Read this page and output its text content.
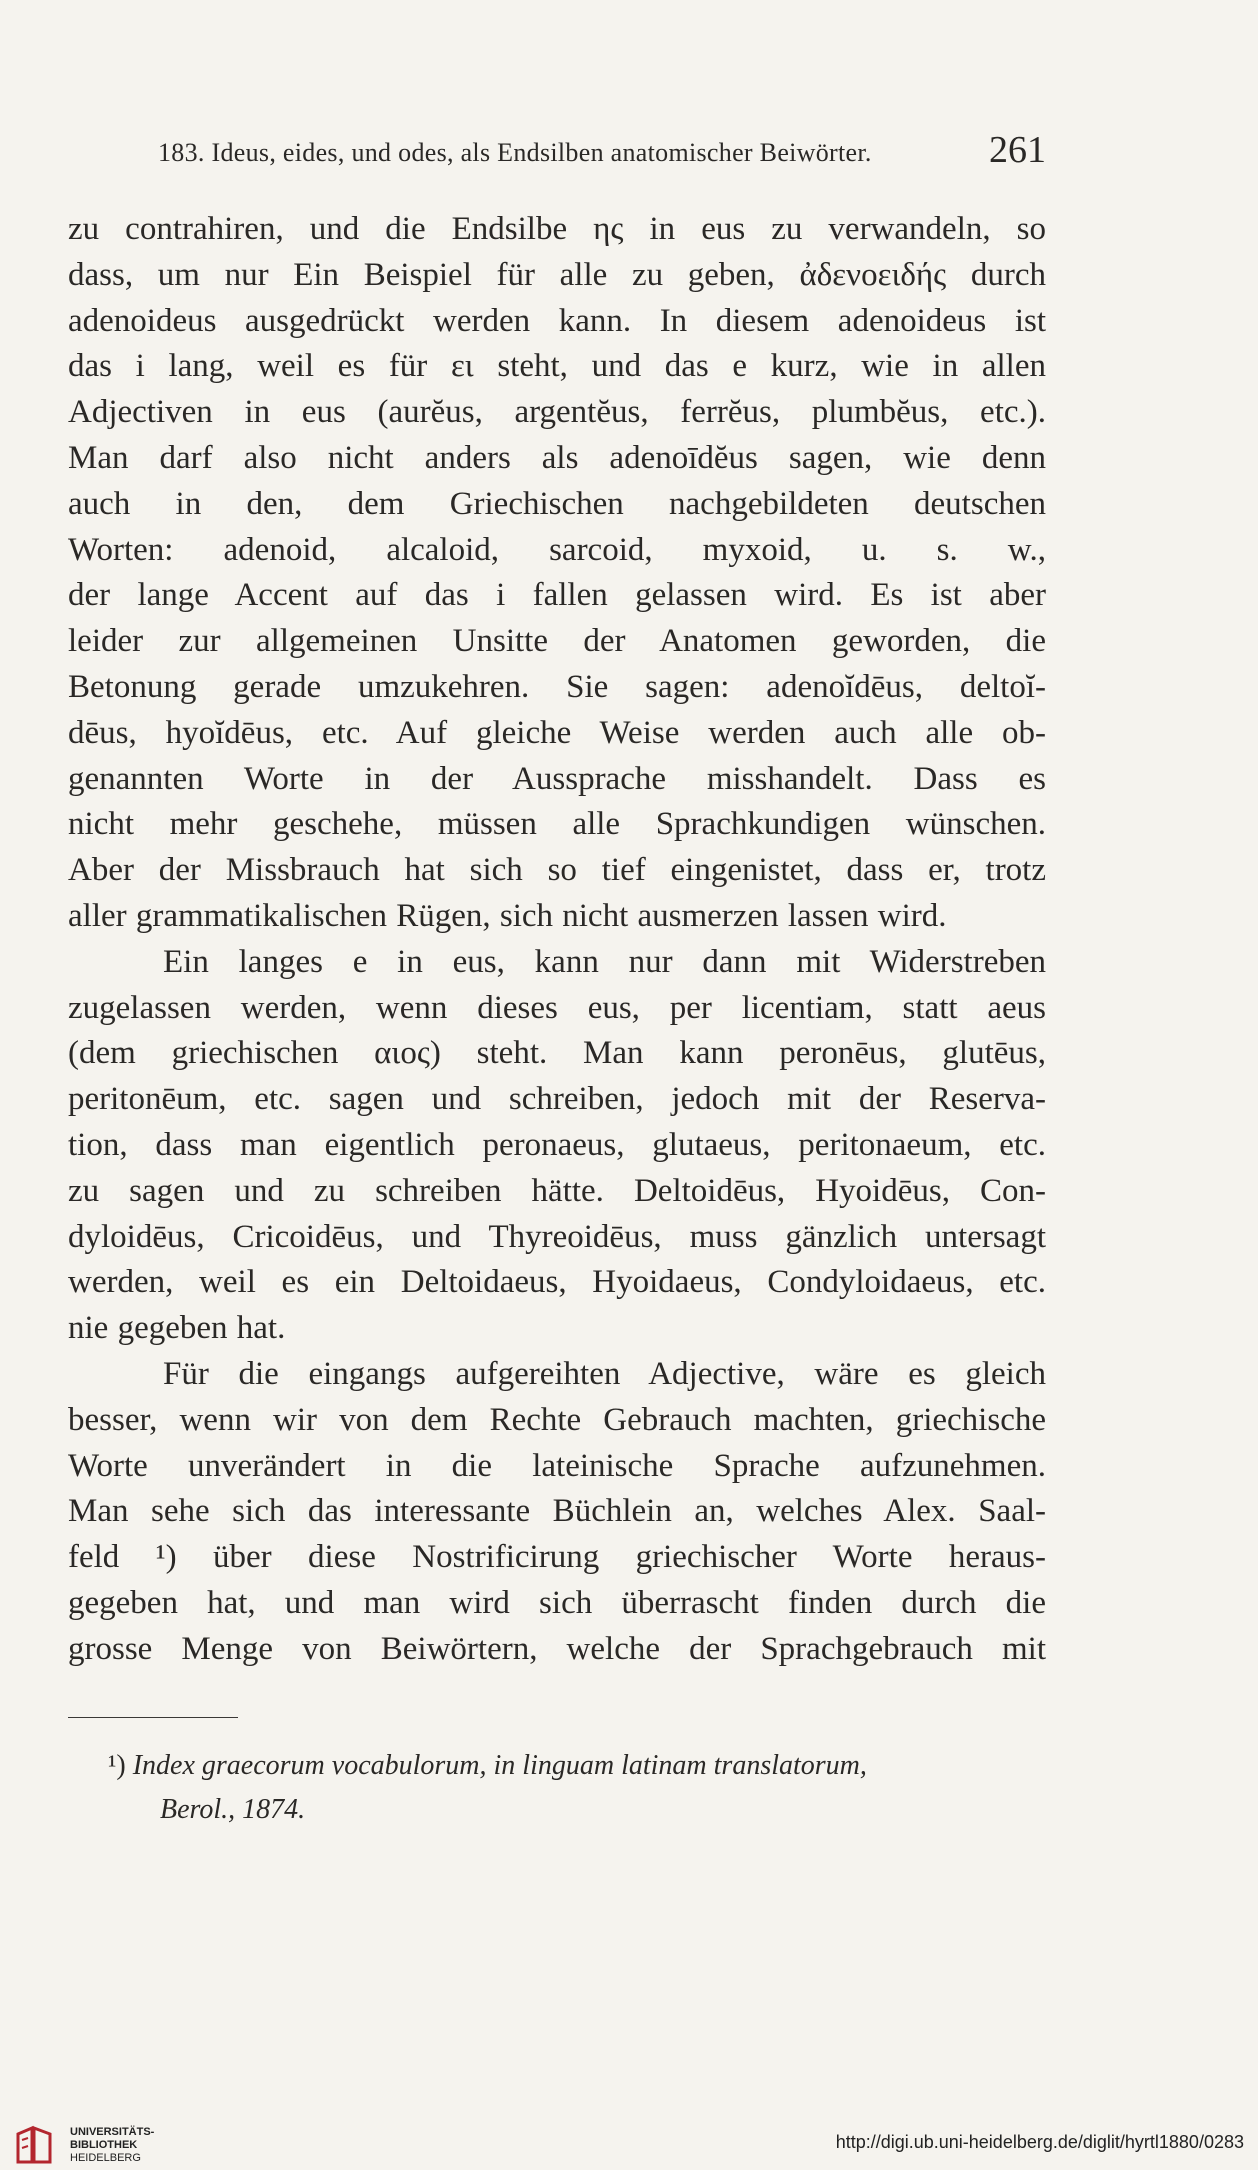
183. Ideus, eides, und odes, als Endsilben anatomischer Beiwörter.	261
zu contrahiren, und die Endsilbe ης in eus zu verwandeln, so
dass, um nur Ein Beispiel für alle zu geben, ἀδενοειδής durch
adenoideus ausgedrückt werden kann. In diesem adenoideus ist
das i lang, weil es für ει steht, und das e kurz, wie in allen
Adjectiven in eus (aurĕus, argentĕus, ferrĕus, plumbĕus, etc.).
Man darf also nicht anders als adenoīdĕus sagen, wie denn
auch in den, dem Griechischen nachgebildeten deutschen
Worten: adenoid, alcaloid, sarcoid, myxoid, u. s. w.,
der lange Accent auf das i fallen gelassen wird. Es ist aber
leider zur allgemeinen Unsitte der Anatomen geworden, die
Betonung gerade umzukehren. Sie sagen: adenoĭdēus, deltoĭ-
dēus, hyoĭdēus, etc. Auf gleiche Weise werden auch alle ob-
genannten Worte in der Aussprache misshandelt. Dass es
nicht mehr geschehe, müssen alle Sprachkundigen wünschen.
Aber der Missbrauch hat sich so tief eingenistet, dass er, trotz
aller grammatikalischen Rügen, sich nicht ausmerzen lassen wird.
Ein langes e in eus, kann nur dann mit Widerstreben
zugelassen werden, wenn dieses eus, per licentiam, statt aeus
(dem griechischen αιος) steht. Man kann peronēus, glutēus,
peritonēum, etc. sagen und schreiben, jedoch mit der Reserva-
tion, dass man eigentlich peronaeus, glutaeus, peritonaeum, etc.
zu sagen und zu schreiben hätte. Deltoidēus, Hyoidēus, Con-
dyloidēus, Cricoidēus, und Thyreoidēus, muss gänzlich untersagt
werden, weil es ein Deltoidaeus, Hyoidaeus, Condyloidaeus, etc.
nie gegeben hat.
Für die eingangs aufgereihten Adjective, wäre es gleich
besser, wenn wir von dem Rechte Gebrauch machten, griechische
Worte unverändert in die lateinische Sprache aufzunehmen.
Man sehe sich das interessante Büchlein an, welches Alex. Saal-
feld ¹) über diese Nostrificirung griechischer Worte heraus-
gegeben hat, und man wird sich überrascht finden durch die
grosse Menge von Beiwörtern, welche der Sprachgebrauch mit
¹) Index graecorum vocabulorum, in linguam latinam translatorum,
Berol., 1874.
UNIVERSITÄTS-
BIBLIOTHEK
HEIDELBERG
http://digi.ub.uni-heidelberg.de/diglit/hyrtl1880/0283
